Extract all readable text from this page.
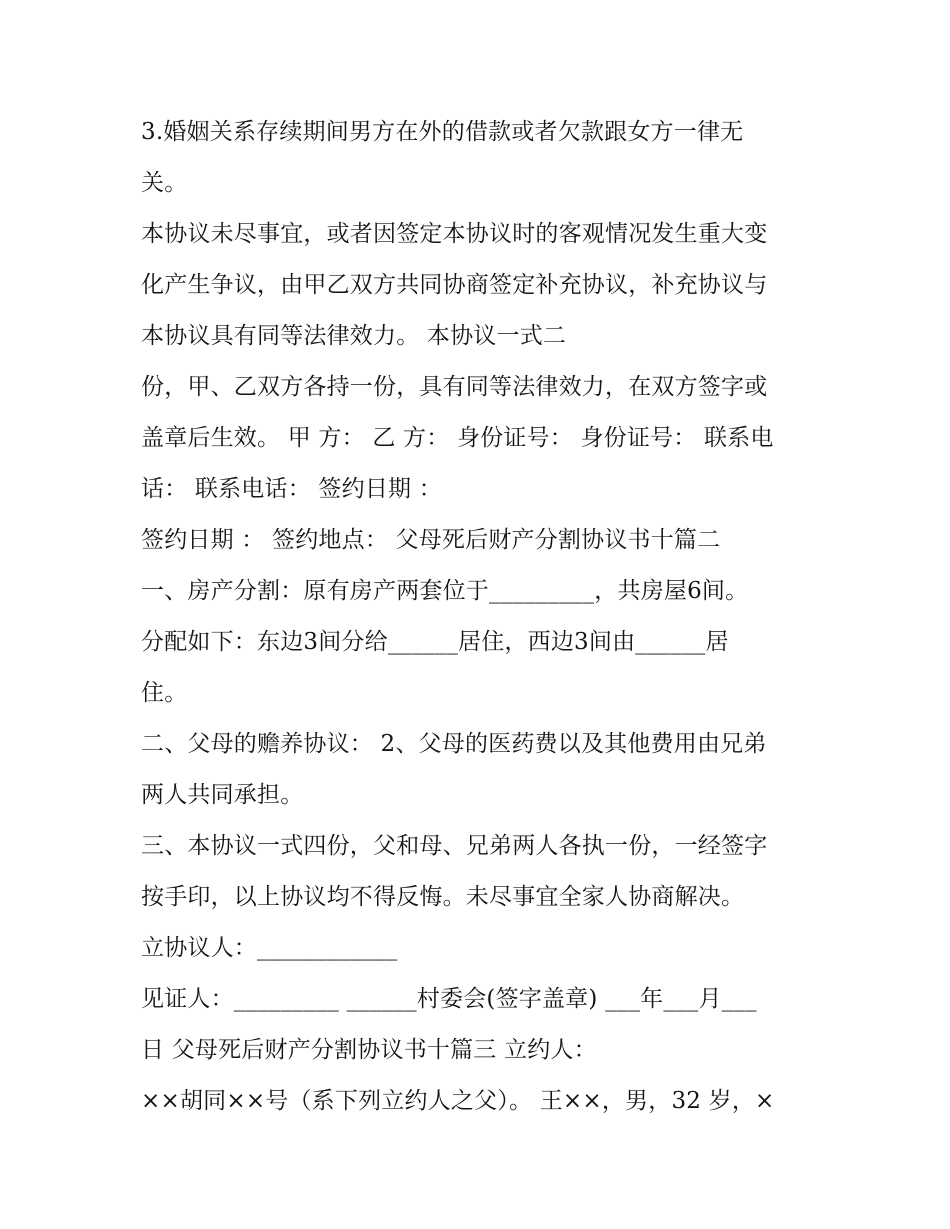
3.婚姻关系存续期间男方在外的借款或者欠款跟女方一律无
关。
本协议未尽事宜，或者因签定本协议时的客观情况发生重大变
化产生争议，由甲乙双方共同协商签定补充协议，补充协议与
本协议具有同等法律效力。 本协议一式二
份，甲、乙双方各持一份，具有同等法律效力，在双方签字或
盖章后生效。 甲 方： 乙 方： 身份证号： 身份证号： 联系电
话： 联系电话： 签约日期 ：
签约日期 ： 签约地点： 父母死后财产分割协议书十篇二
一、房产分割：原有房产两套位于_________，共房屋6间。
分配如下：东边3间分给______居住，西边3间由______居
住。
二、父母的赡养协议： 2、父母的医药费以及其他费用由兄弟
两人共同承担。
三、本协议一式四份，父和母、兄弟两人各执一份，一经签字
按手印，以上协议均不得反悔。未尽事宜全家人协商解决。
立协议人：____________
见证人：_________ ______村委会(签字盖章) ___年___月___
日 父母死后财产分割协议书十篇三 立约人：
××胡同××号（系下列立约人之父）。 王××，男，32 岁，×
